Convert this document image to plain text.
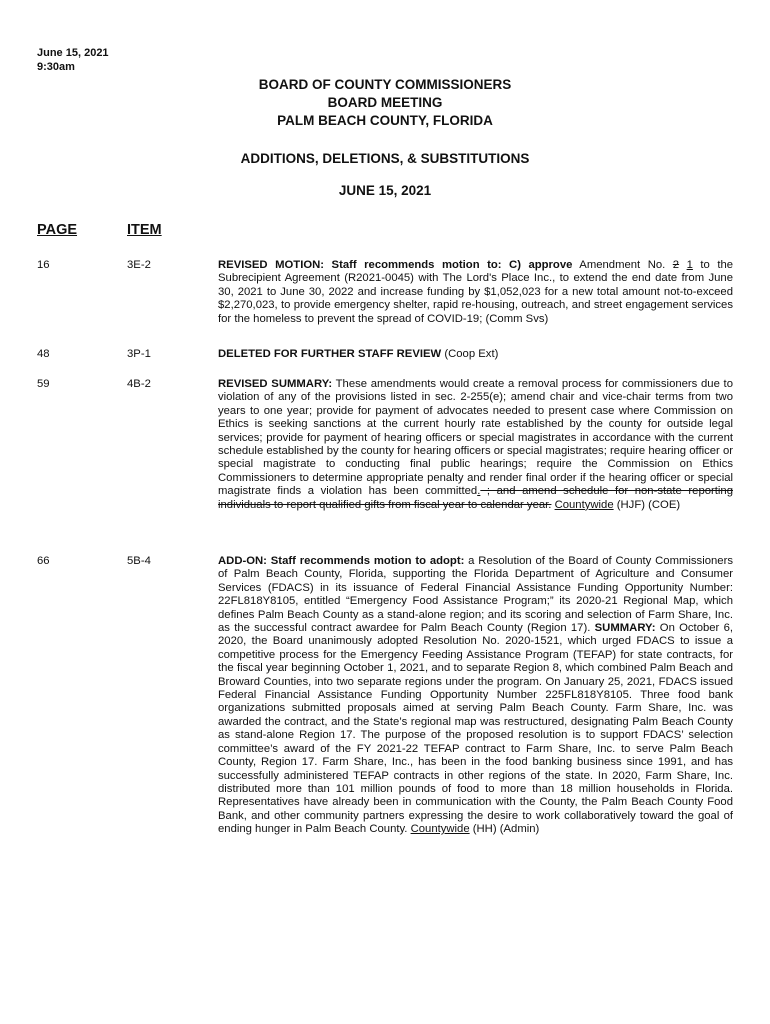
June 15, 2021
9:30am
BOARD OF COUNTY COMMISSIONERS
BOARD MEETING
PALM BEACH COUNTY, FLORIDA
ADDITIONS, DELETIONS, & SUBSTITUTIONS
JUNE 15, 2021
PAGE	ITEM
16	3E-2	REVISED MOTION: Staff recommends motion to: C) approve Amendment No. 2 1 to the Subrecipient Agreement (R2021-0045) with The Lord's Place Inc., to extend the end date from June 30, 2021 to June 30, 2022 and increase funding by $1,052,023 for a new total amount not-to-exceed $2,270,023, to provide emergency shelter, rapid re-housing, outreach, and street engagement services for the homeless to prevent the spread of COVID-19; (Comm Svs)
48	3P-1	DELETED FOR FURTHER STAFF REVIEW (Coop Ext)
59	4B-2	REVISED SUMMARY: These amendments would create a removal process for commissioners due to violation of any of the provisions listed in sec. 2-255(e); amend chair and vice-chair terms from two years to one year; provide for payment of advocates needed to present case where Commission on Ethics is seeking sanctions at the current hourly rate established by the county for outside legal services; provide for payment of hearing officers or special magistrates in accordance with the current schedule established by the county for hearing officers or special magistrates; require hearing officer or special magistrate to conducting final public hearings; require the Commission on Ethics Commissioners to determine appropriate penalty and render final order if the hearing officer or special magistrate finds a violation has been committed. ; and amend schedule for non-state reporting individuals to report qualified gifts from fiscal year to calendar year. Countywide (HJF) (COE)
66	5B-4	ADD-ON: Staff recommends motion to adopt: a Resolution of the Board of County Commissioners of Palm Beach County, Florida, supporting the Florida Department of Agriculture and Consumer Services (FDACS) in its issuance of Federal Financial Assistance Funding Opportunity Number: 22FL818Y8105, entitled “Emergency Food Assistance Program;” its 2020-21 Regional Map, which defines Palm Beach County as a stand-alone region; and its scoring and selection of Farm Share, Inc. as the successful contract awardee for Palm Beach County (Region 17). SUMMARY: On October 6, 2020, the Board unanimously adopted Resolution No. 2020-1521, which urged FDACS to issue a competitive process for the Emergency Feeding Assistance Program (TEFAP) for state contracts, for the fiscal year beginning October 1, 2021, and to separate Region 8, which combined Palm Beach and Broward Counties, into two separate regions under the program. On January 25, 2021, FDACS issued Federal Financial Assistance Funding Opportunity Number 225FL818Y8105. Three food bank organizations submitted proposals aimed at serving Palm Beach County. Farm Share, Inc. was awarded the contract, and the State’s regional map was restructured, designating Palm Beach County as stand-alone Region 17. The purpose of the proposed resolution is to support FDACS’ selection committee’s award of the FY 2021-22 TEFAP contract to Farm Share, Inc. to serve Palm Beach County, Region 17. Farm Share, Inc., has been in the food banking business since 1991, and has successfully administered TEFAP contracts in other regions of the state. In 2020, Farm Share, Inc. distributed more than 101 million pounds of food to more than 18 million households in Florida. Representatives have already been in communication with the County, the Palm Beach County Food Bank, and other community partners expressing the desire to work collaboratively toward the goal of ending hunger in Palm Beach County. Countywide (HH) (Admin)
